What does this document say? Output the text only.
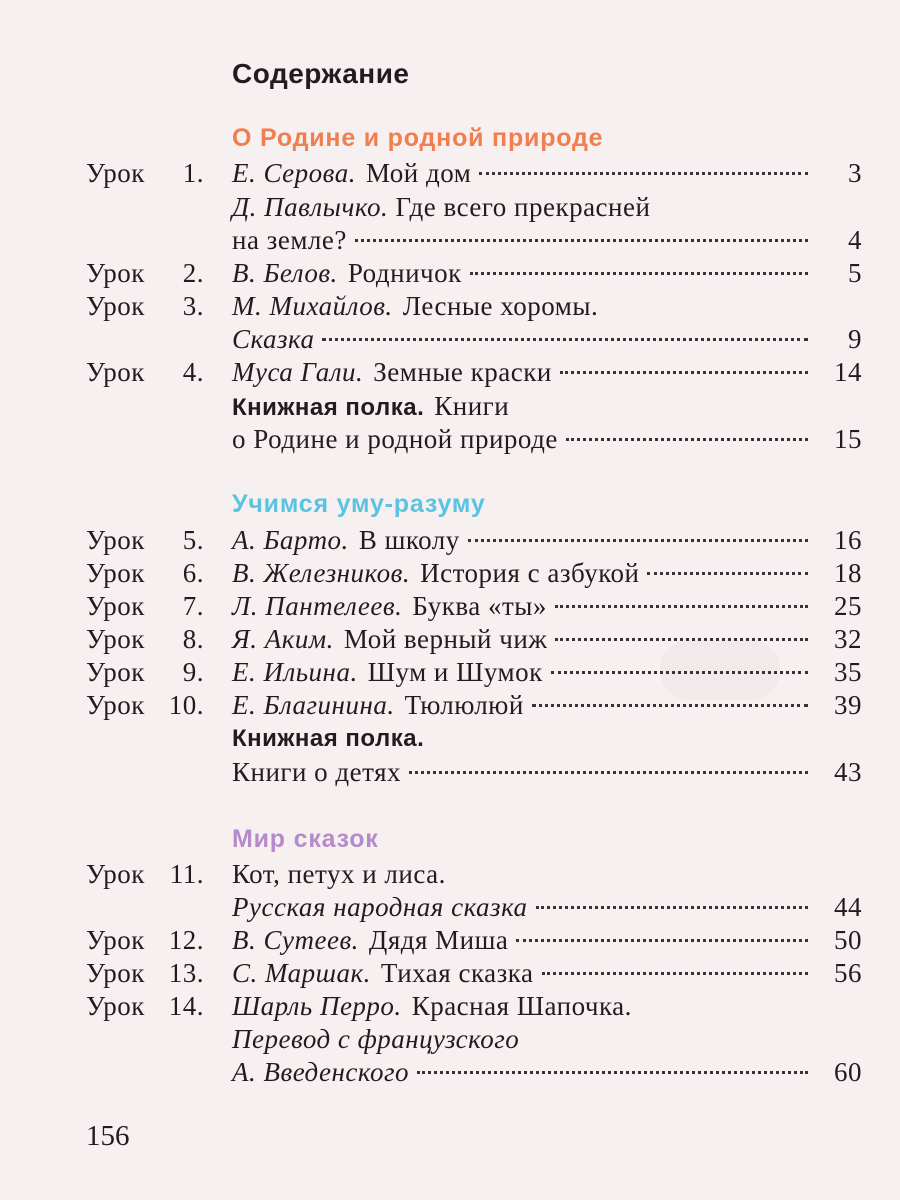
Содержание
О Родине и родной природе
Урок 1. Е. Серова. Мой дом	3
Д. Павлычко. Где всего прекрасней
на земле?	4
Урок 2. В. Белов. Родничок	5
Урок 3. М. Михайлов. Лесные хоромы.
Сказка	9
Урок 4. Муса Гали. Земные краски	14
Книжная полка. Книги
о Родине и родной природе	15
Учимся уму-разуму
Урок 5. А. Барто. В школу	16
Урок 6. В. Железников. История с азбукой	18
Урок 7. Л. Пантелеев. Буква «ты»	25
Урок 8. Я. Аким. Мой верный чиж	32
Урок 9. Е. Ильина. Шум и Шумок	35
Урок 10. Е. Благинина. Тюлюлюй	39
Книжная полка.
Книги о детях	43
Мир сказок
Урок 11. Кот, петух и лиса.
Русская народная сказка	44
Урок 12. В. Сутеев. Дядя Миша	50
Урок 13. С. Маршак. Тихая сказка	56
Урок 14. Шарль Перро. Красная Шапочка.
Перевод с французского
А. Введенского	60
156
